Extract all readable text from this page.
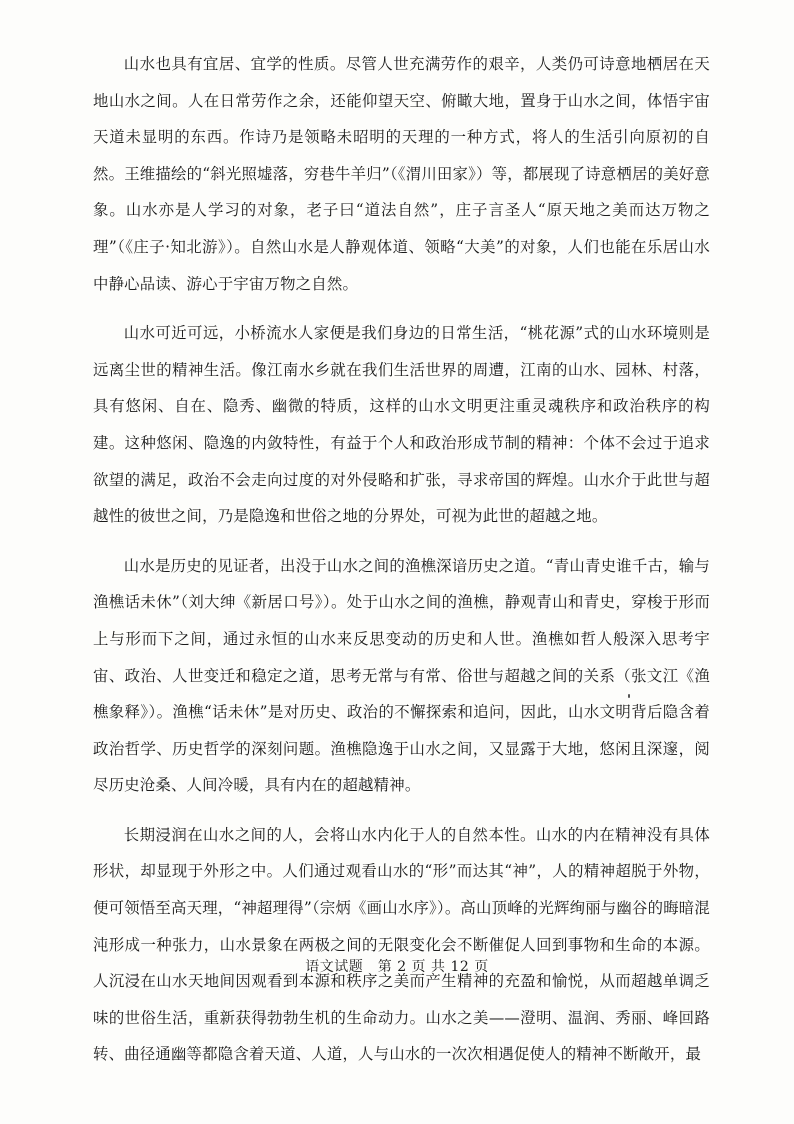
山水也具有宜居、宜学的性质。尽管人世充满劳作的艰辛，人类仍可诗意地栖居在天地山水之间。人在日常劳作之余，还能仰望天空、俯瞰大地，置身于山水之间，体悟宇宙天道未显明的东西。作诗乃是领略未昭明的天理的一种方式，将人的生活引向原初的自然。王维描绘的“斜光照墟落，穷巷牛羊归”（《渭川田家》）等，都展现了诗意栖居的美好意象。山水亦是人学习的对象，老子曰“道法自然”，庄子言圣人“原天地之美而达万物之理”（《庄子·知北游》）。自然山水是人静观体道、领略“大美”的对象，人们也能在乐居山水中静心品读、游心于宇宙万物之自然。

山水可近可远，小桥流水人家便是我们身边的日常生活，“桃花源”式的山水环境则是远离尘世的精神生活。像江南水乡就在我们生活世界的周遭，江南的山水、园林、村落，具有悠闲、自在、隐秀、幽微的特质，这样的山水文明更注重灵魂秩序和政治秩序的构建。这种悠闲、隐逸的内敛特性，有益于个人和政治形成节制的精神：个体不会过于追求欲望的满足，政治不会走向过度的对外侵略和扩张，寻求帝国的辉煌。山水介于此世与超越性的彼世之间，乃是隐逸和世俗之地的分界处，可视为此世的超越之地。

山水是历史的见证者，出没于山水之间的渔樵深谙历史之道。“青山青史谁千古，输与渔樵话未休”（刘大绅《新居口号》）。处于山水之间的渔樵，静观青山和青史，穿梭于形而上与形而下之间，通过永恒的山水来反思变动的历史和人世。渔樵如哲人般深入思考宇宙、政治、人世变迁和稳定之道，思考无常与有常、俗世与超越之间的关系（张文江《渔樵象释》）。渔樵“话未休”是对历史、政治的不懈探索和追问，因此，山水文明背后隐含着政治哲学、历史哲学的深刻问题。渔樵隐逸于山水之间，又显露于大地，悠闲且深邃，阅尽历史沧桑、人间冷暖，具有内在的超越精神。

长期浸润在山水之间的人，会将山水内化于人的自然本性。山水的内在精神没有具体形状，却显现于外形之中。人们通过观看山水的“形”而达其“神”，人的精神超脱于外物，便可领悟至高天理，“神超理得”（宗炳《画山水序》）。高山顶峰的光辉绚丽与幽谷的晦暗混沌形成一种张力，山水景象在两极之间的无限变化会不断催促人回到事物和生命的本源。人沉浸在山水天地间因观看到本源和秩序之美而产生精神的充盈和愉悦，从而超越单调乏味的世俗生活，重新获得勃勃生机的生命动力。山水之美——澄明、温润、秀丽、峰回路转、曲径通幽等都隐含着天道、人道，人与山水的一次次相遇促使人的精神不断敞开，最

语文试题　第 2 页 共 12 页
